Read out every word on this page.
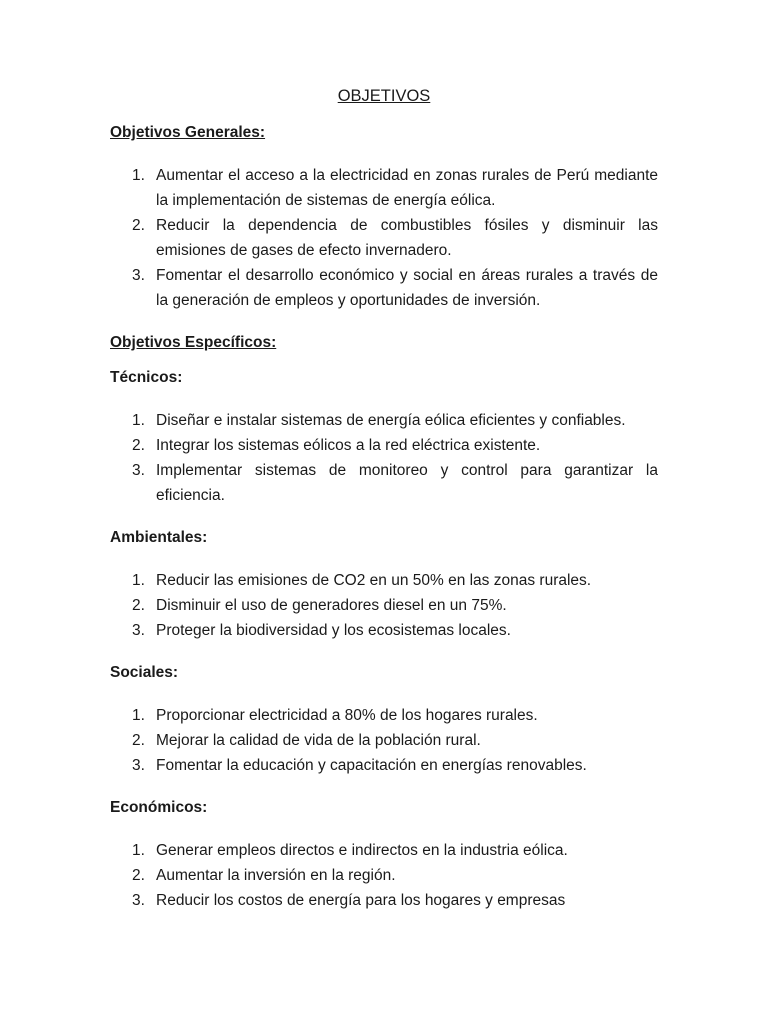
OBJETIVOS
Objetivos Generales:
1. Aumentar el acceso a la electricidad en zonas rurales de Perú mediante la implementación de sistemas de energía eólica.
2. Reducir la dependencia de combustibles fósiles y disminuir las emisiones de gases de efecto invernadero.
3. Fomentar el desarrollo económico y social en áreas rurales a través de la generación de empleos y oportunidades de inversión.
Objetivos Específicos:
Técnicos:
1. Diseñar e instalar sistemas de energía eólica eficientes y confiables.
2. Integrar los sistemas eólicos a la red eléctrica existente.
3. Implementar sistemas de monitoreo y control para garantizar la eficiencia.
Ambientales:
1. Reducir las emisiones de CO2 en un 50% en las zonas rurales.
2. Disminuir el uso de generadores diesel en un 75%.
3. Proteger la biodiversidad y los ecosistemas locales.
Sociales:
1. Proporcionar electricidad a 80% de los hogares rurales.
2. Mejorar la calidad de vida de la población rural.
3. Fomentar la educación y capacitación en energías renovables.
Económicos:
1. Generar empleos directos e indirectos en la industria eólica.
2. Aumentar la inversión en la región.
3. Reducir los costos de energía para los hogares y empresas
